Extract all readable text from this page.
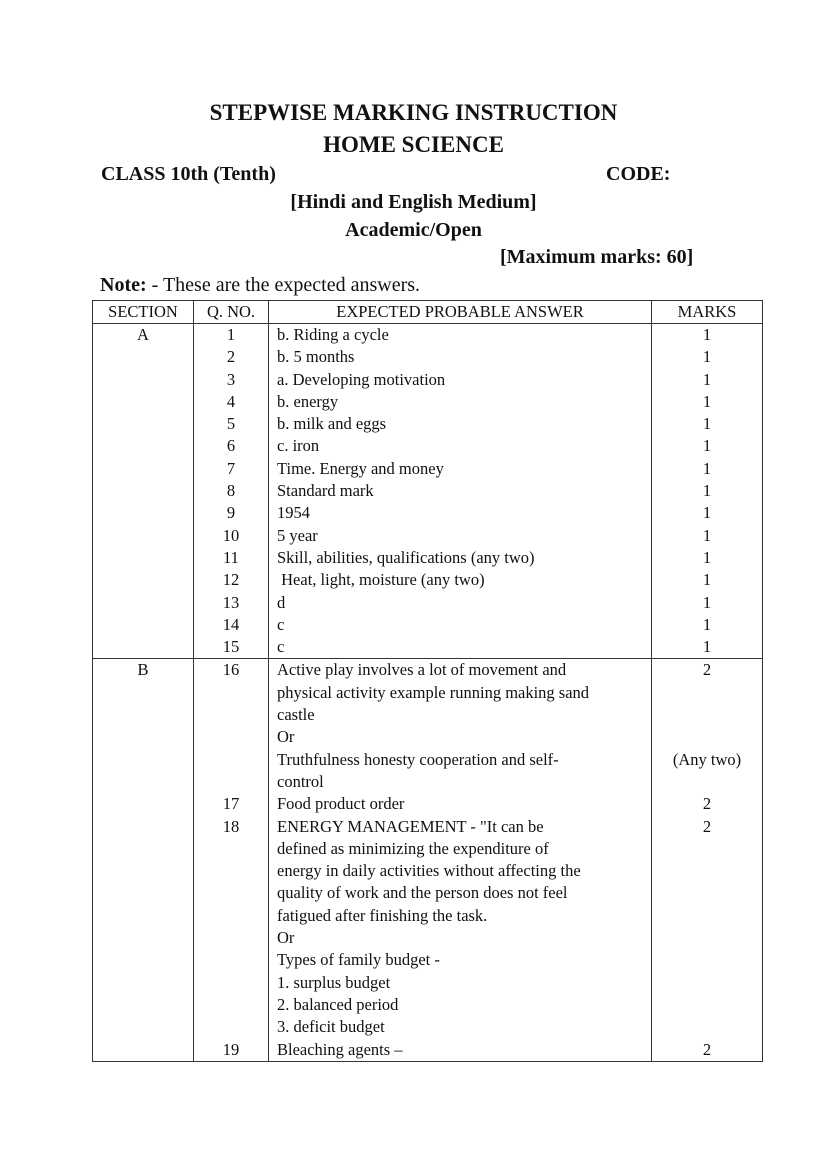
STEPWISE MARKING INSTRUCTION
HOME SCIENCE
CLASS 10th (Tenth)	CODE:
[Hindi and English Medium]
Academic/Open
[Maximum marks: 60]
Note: - These are the expected answers.
SECTION	Q. NO.	EXPECTED PROBABLE ANSWER	MARKS
A	1	b. Riding a cycle	1
	2	b. 5 months	1
	3	a. Developing motivation	1
	4	b. energy	1
	5	b. milk and eggs	1
	6	c. iron	1
	7	Time. Energy and money	1
	8	Standard mark	1
	9	1954	1
	10	5 year	1
	11	Skill, abilities, qualifications (any two)	1
	12	Heat, light, moisture (any two)	1
	13	d	1
	14	c	1
	15	c	1
B	16	Active play involves a lot of movement and	2
		physical activity example running making sand	
		castle	
		Or	
		Truthfulness honesty cooperation and self-	(Any two)
		control	
	17	Food product order	2
	18	ENERGY MANAGEMENT - "It can be	2
		defined as minimizing the expenditure of	
		energy in daily activities without affecting the	
		quality of work and the person does not feel	
		fatigued after finishing the task.	
		Or	
		Types of family budget -	
		1. surplus budget	
		2. balanced period	
		3. deficit budget	
	19	Bleaching agents –	2
